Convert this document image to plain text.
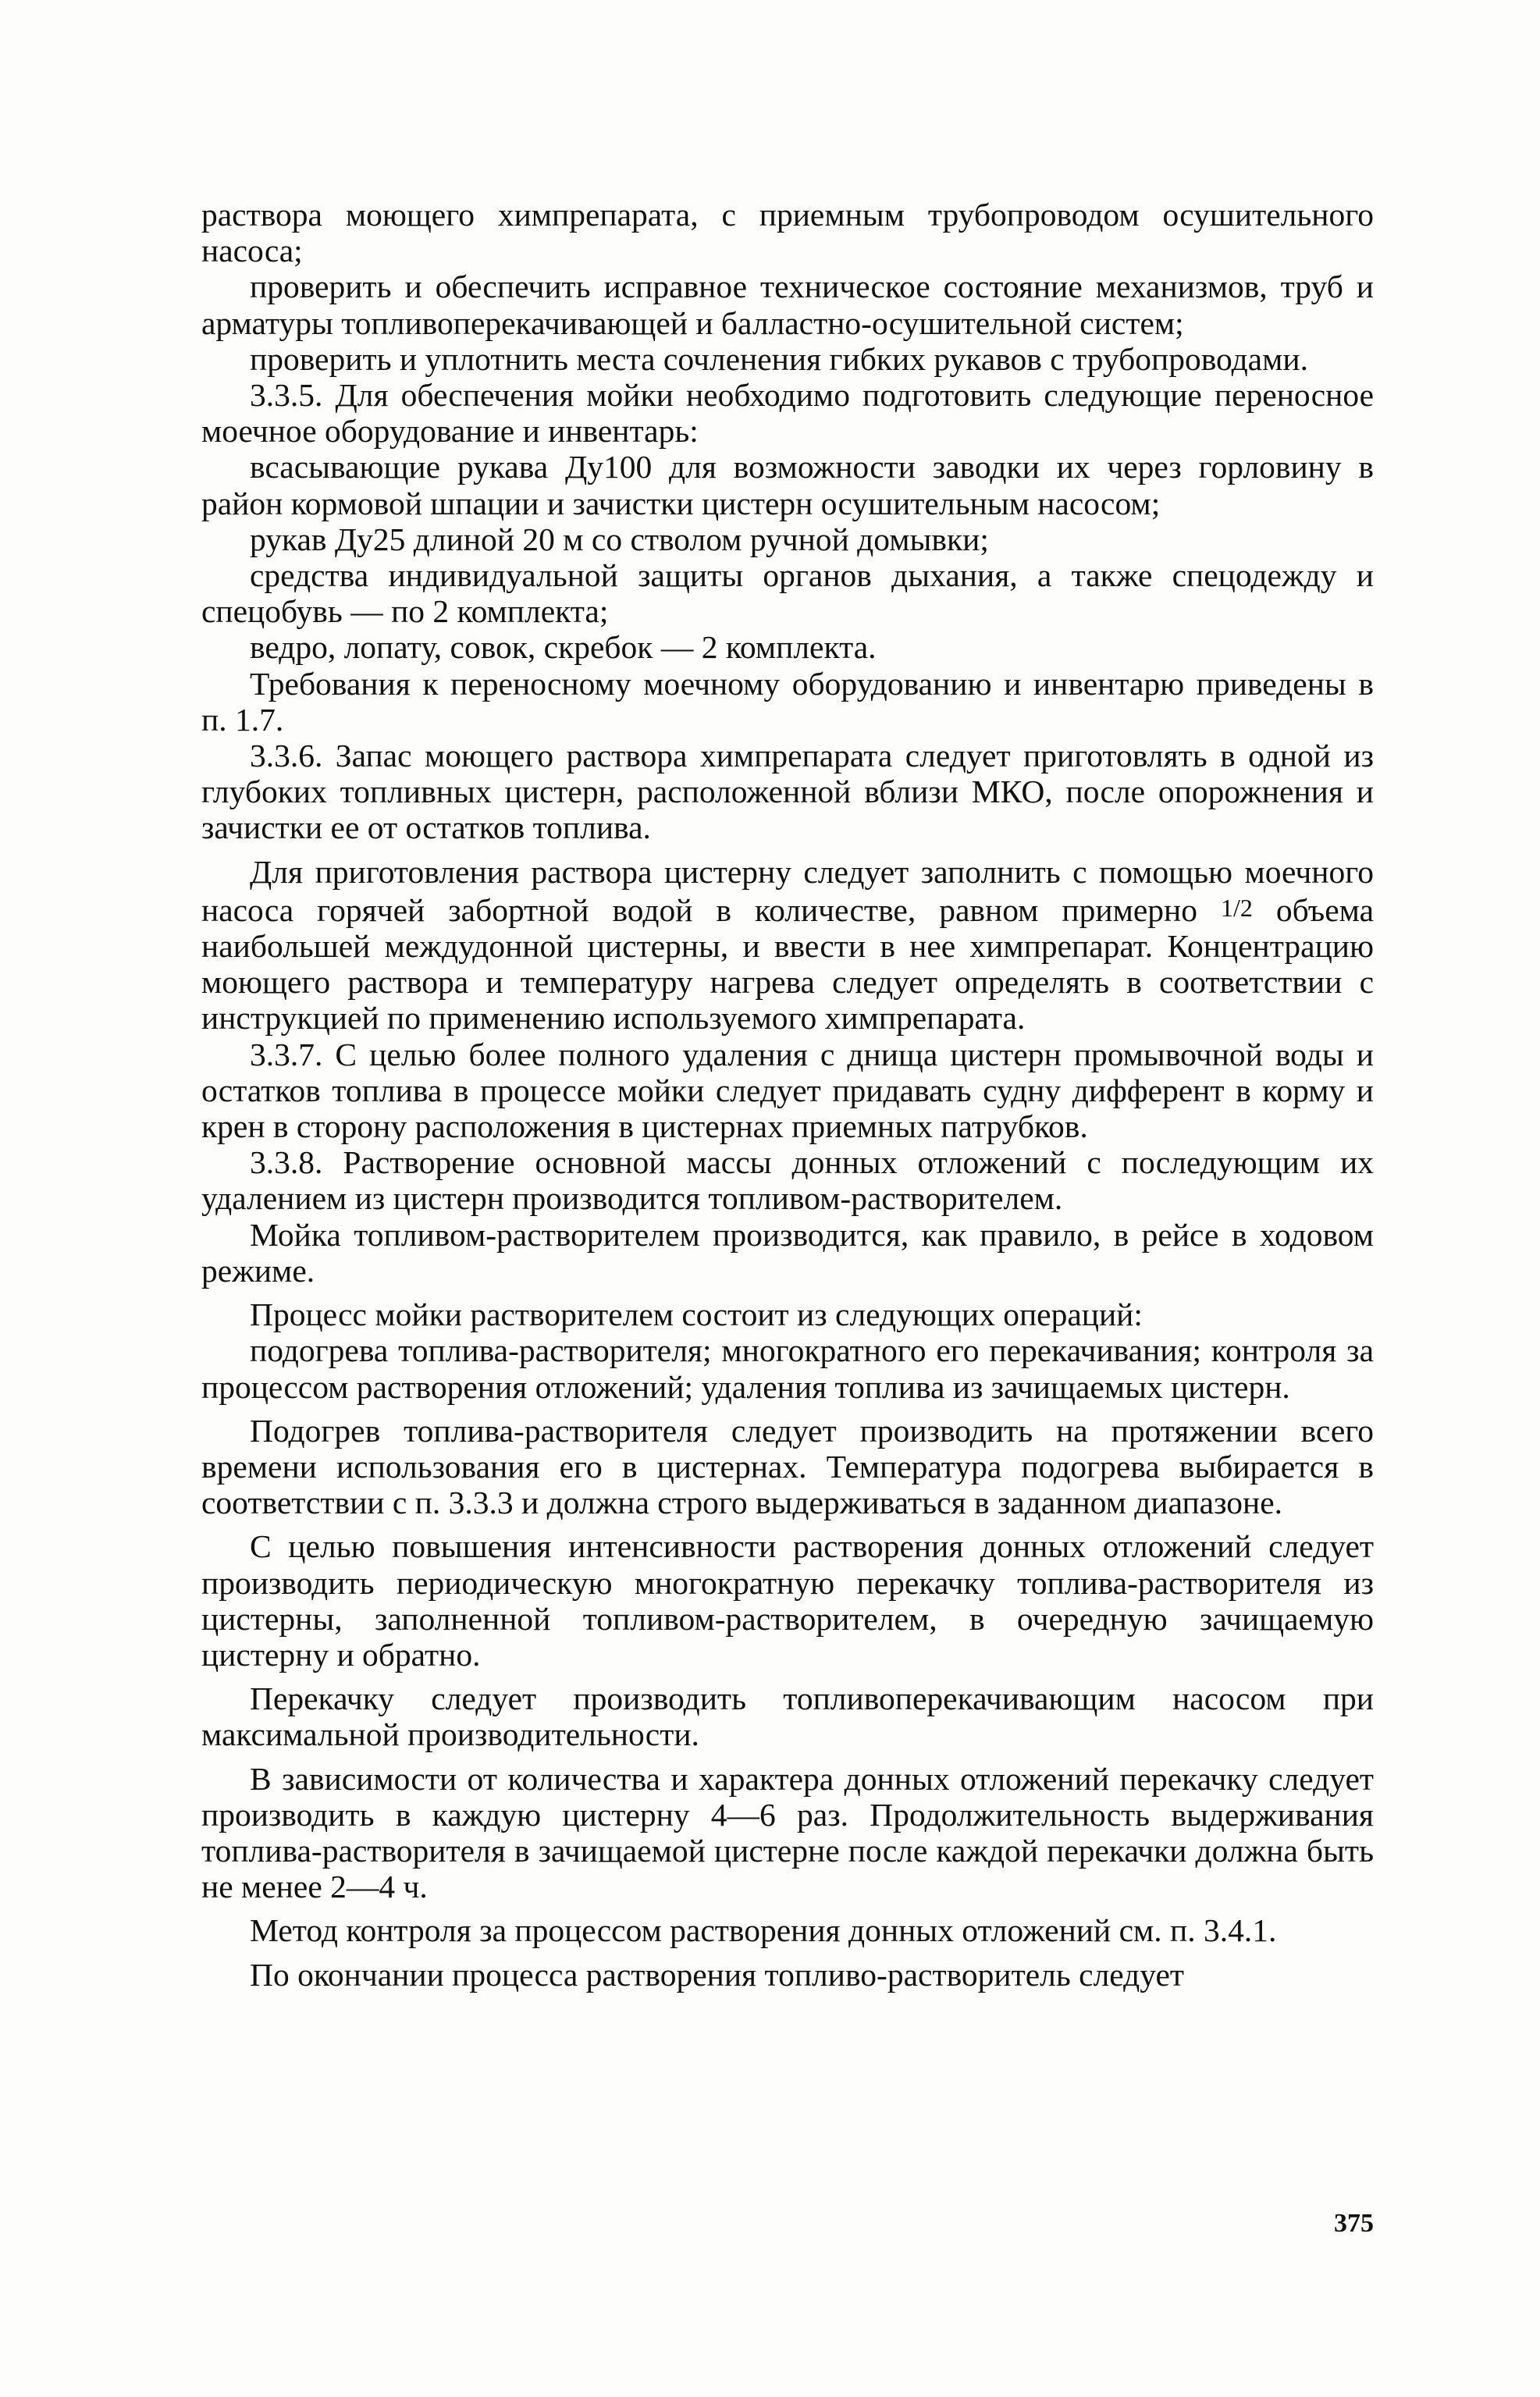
раствора моющего химпрепарата, с приемным трубопроводом осушительного насоса;

проверить и обеспечить исправное техническое состояние механизмов, труб и арматуры топливоперекачивающей и балластно-осушительной систем;

проверить и уплотнить места сочленения гибких рукавов с трубопроводами.

3.3.5. Для обеспечения мойки необходимо подготовить следующие переносное моечное оборудование и инвентарь:

всасывающие рукава Ду100 для возможности заводки их через горловину в район кормовой шпации и зачистки цистерн осушительным насосом;

рукав Ду25 длиной 20 м со стволом ручной домывки;

средства индивидуальной защиты органов дыхания, а также спецодежду и спецобувь — по 2 комплекта;

ведро, лопату, совок, скребок — 2 комплекта.

Требования к переносному моечному оборудованию и инвентарю приведены в п. 1.7.

3.3.6. Запас моющего раствора химпрепарата следует приготовлять в одной из глубоких топливных цистерн, расположенной вблизи МКО, после опорожнения и зачистки ее от остатков топлива.

Для приготовления раствора цистерну следует заполнить с помощью моечного насоса горячей забортной водой в количестве, равном примерно 1/2 объема наибольшей междудонной цистерны, и ввести в нее химпрепарат. Концентрацию моющего раствора и температуру нагрева следует определять в соответствии с инструкцией по применению используемого химпрепарата.

3.3.7. С целью более полного удаления с днища цистерн промывочной воды и остатков топлива в процессе мойки следует придавать судну дифферент в корму и крен в сторону расположения в цистернах приемных патрубков.

3.3.8. Растворение основной массы донных отложений с последующим их удалением из цистерн производится топливом-растворителем.

Мойка топливом-растворителем производится, как правило, в рейсе в ходовом режиме.

Процесс мойки растворителем состоит из следующих операций:

подогрева топлива-растворителя; многократного его перекачивания; контроля за процессом растворения отложений; удаления топлива из зачищаемых цистерн.

Подогрев топлива-растворителя следует производить на протяжении всего времени использования его в цистернах. Температура подогрева выбирается в соответствии с п. 3.3.3 и должна строго выдерживаться в заданном диапазоне.

С целью повышения интенсивности растворения донных отложений следует производить периодическую многократную перекачку топлива-растворителя из цистерны, заполненной топливом-растворителем, в очередную зачищаемую цистерну и обратно.

Перекачку следует производить топливоперекачивающим насосом при максимальной производительности.

В зависимости от количества и характера донных отложений перекачку следует производить в каждую цистерну 4—6 раз. Продолжительность выдерживания топлива-растворителя в зачищаемой цистерне после каждой перекачки должна быть не менее 2—4 ч.

Метод контроля за процессом растворения донных отложений см. п. 3.4.1.

По окончании процесса растворения топливо-растворитель следует

375
